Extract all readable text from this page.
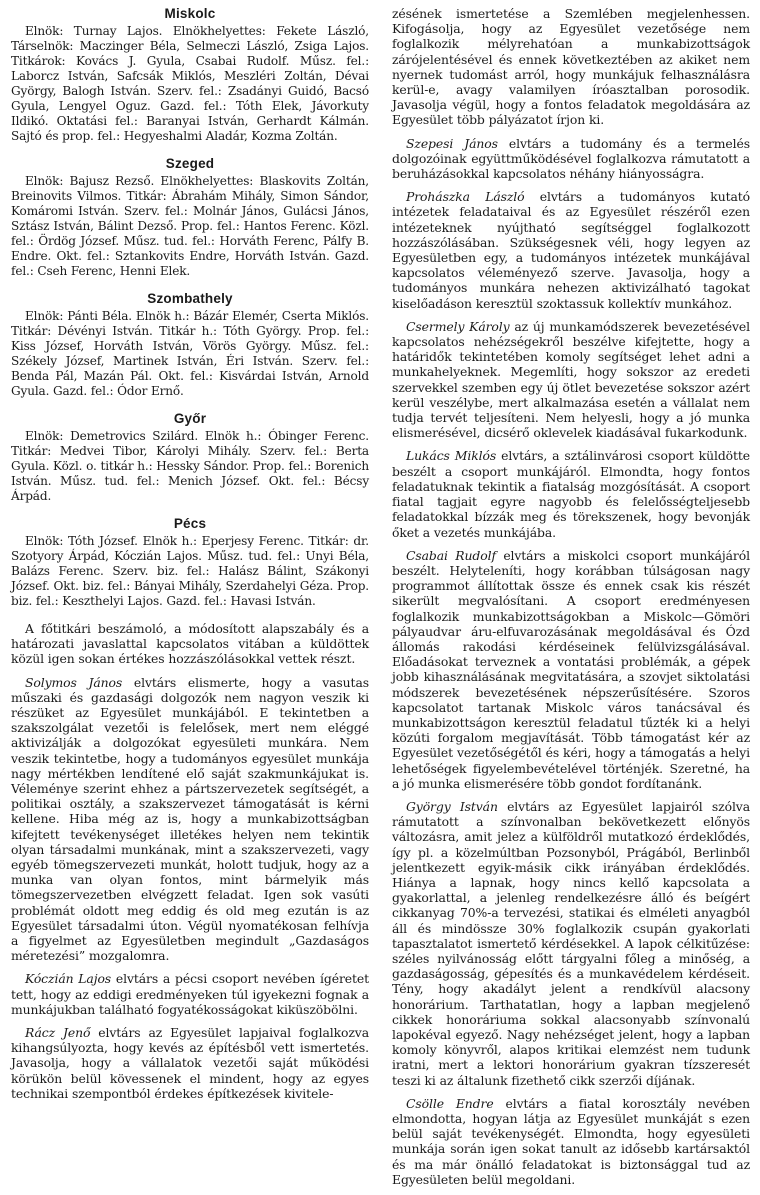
Miskolc

Elnök: Turnay Lajos. Elnökhelyettes: Fekete László, Társelnök: Maczinger Béla, Selmeczi László, Zsiga Lajos. Titkárok: Kovács J. Gyula, Csabai Rudolf. Műsz. fel.: Laborcz István, Safcsák Miklós, Meszléri Zoltán, Dévai György, Balogh István. Szerv. fel.: Zsadányi Guidó, Bacsó Gyula, Lengyel Oguz. Gazd. fel.: Tóth Elek, Jávorkuty Ildikó. Oktatási fel.: Baranyai István, Gerhardt Kálmán. Sajtó és prop. fel.: Hegyeshalmi Aladár, Kozma Zoltán.

Szeged

Elnök: Bajusz Rezső. Elnökhelyettes: Blaskovits Zoltán, Breinovits Vilmos. Titkár: Ábrahám Mihály, Simon Sándor, Komáromi István. Szerv. fel.: Molnár János, Gulácsi János, Sztász István, Bálint Dezső. Prop. fel.: Hantos Ferenc. Közl. fel.: Ördög József. Műsz. tud. fel.: Horváth Ferenc, Pálfy B. Endre. Okt. fel.: Sztankovits Endre, Horváth István. Gazd. fel.: Cseh Ferenc, Henni Elek.

Szombathely

Elnök: Pánti Béla. Elnök h.: Bázár Elemér, Cserta Miklós. Titkár: Dévényi István. Titkár h.: Tóth György. Prop. fel.: Kiss József, Horváth István, Vörös György. Műsz. fel.: Székely József, Martinek István, Éri István. Szerv. fel.: Benda Pál, Mazán Pál. Okt. fel.: Kisvárdai István, Arnold Gyula. Gazd. fel.: Ódor Ernő.

Győr

Elnök: Demetrovics Szilárd. Elnök h.: Óbinger Ferenc. Titkár: Medvei Tibor, Károlyi Mihály. Szerv. fel.: Berta Gyula. Közl. o. titkár h.: Hessky Sándor. Prop. fel.: Borenich István. Műsz. tud. fel.: Menich József. Okt. fel.: Bécsy Árpád.

Pécs

Elnök: Tóth József. Elnök h.: Eperjesy Ferenc. Titkár: dr. Szotyory Árpád, Kóczián Lajos. Műsz. tud. fel.: Unyi Béla, Balázs Ferenc. Szerv. biz. fel.: Halász Bálint, Szákonyi József. Okt. biz. fel.: Bányai Mihály, Szerdahelyi Géza. Prop. biz. fel.: Keszthelyi Lajos. Gazd. fel.: Havasi István.

A főtitkári beszámoló, a módosított alapszabály és a határozati javaslattal kapcsolatos vitában a küldöttek közül igen sokan értékes hozzászólásokkal vettek részt.

Solymos János elvtárs elismerte, hogy a vasutas műszaki és gazdasági dolgozók nem nagyon veszik ki részüket az Egyesület munkájából. E tekintetben a szakszolgálat vezetői is felelősek, mert nem eléggé aktivizálják a dolgozókat egyesületi munkára. Nem veszik tekintetbe, hogy a tudományos egyesület munkája nagy mértékben lendítené elő saját szakmunkájukat is. Véleménye szerint ehhez a pártszervezetek segítségét, a politikai osztály, a szakszervezet támogatását is kérni kellene. Hiba még az is, hogy a munkabizottságban kifejtett tevékenységet illetékes helyen nem tekintik olyan társadalmi munkának, mint a szakszervezeti, vagy egyéb tömegszervezeti munkát, holott tudjuk, hogy az a munka van olyan fontos, mint bármelyik más tömegszervezetben elvégzett feladat. Igen sok vasúti problémát oldott meg eddig és old meg ezután is az Egyesület társadalmi úton. Végül nyomatékosan felhívja a figyelmet az Egyesületben megindult „Gazdaságos méretezési” mozgalomra.

Kóczián Lajos elvtárs a pécsi csoport nevében ígéretet tett, hogy az eddigi eredményeken túl igyekezni fognak a munkájukban található fogyatékosságokat kiküszöbölni.

Rácz Jenő elvtárs az Egyesület lapjaival foglalkozva kihangsúlyozta, hogy kevés az építésből vett ismertetés. Javasolja, hogy a vállalatok vezetői saját működési körükön belül kövessenek el mindent, hogy az egyes technikai szempontból érdekes építkezések kivitele-

zésének ismertetése a Szemlében megjelenhessen. Kifogásolja, hogy az Egyesület vezetősége nem foglalkozik mélyrehatóan a munkabizottságok zárójelentésével és ennek következtében az akiket nem nyernek tudomást arról, hogy munkájuk felhasználásra kerül-e, avagy valamilyen íróasztalban porosodik. Javasolja végül, hogy a fontos feladatok megoldására az Egyesület több pályázatot írjon ki.

Szepesi János elvtárs a tudomány és a termelés dolgozóinak együttműködésével foglalkozva rámutatott a beruházásokkal kapcsolatos néhány hiányosságra.

Prohászka László elvtárs a tudományos kutató intézetek feladataival és az Egyesület részéről ezen intézeteknek nyújtható segítséggel foglalkozott hozzászólásában. Szükségesnek véli, hogy legyen az Egyesületben egy, a tudományos intézetek munkájával kapcsolatos véleményező szerve. Javasolja, hogy a tudományos munkára nehezen aktivizálható tagokat kiselőadáson keresztül szoktassuk kollektív munkához.

Csermely Károly az új munkamódszerek bevezetésével kapcsolatos nehézségekről beszélve kifejtette, hogy a határidők tekintetében komoly segítséget lehet adni a munkahelyeknek. Megemlíti, hogy sokszor az eredeti szervekkel szemben egy új ötlet bevezetése sokszor azért kerül veszélybe, mert alkalmazása esetén a vállalat nem tudja tervét teljesíteni. Nem helyesli, hogy a jó munka elismerésével, dicsérő oklevelek kiadásával fukarkodunk.

Lukács Miklós elvtárs, a sztálinvárosi csoport küldötte beszélt a csoport munkájáról. Elmondta, hogy fontos feladatuknak tekintik a fiatalság mozgósítását. A csoport fiatal tagjait egyre nagyobb és felelősségteljesebb feladatokkal bízzák meg és törekszenek, hogy bevonják őket a vezetés munkájába.

Csabai Rudolf elvtárs a miskolci csoport munkájáról beszélt. Helyteleníti, hogy korábban túlságosan nagy programmot állítottak össze és ennek csak kis részét sikerült megvalósítani. A csoport eredményesen foglalkozik munkabizottságokban a Miskolc—Gömöri pályaudvar áru-elfuvarozásának megoldásával és Ózd állomás rakodási kérdéseinek felülvizsgálásával. Előadásokat terveznek a vontatási problémák, a gépek jobb kihasználásának megvitatására, a szovjet siktolatási módszerek bevezetésének népszerűsítésére. Szoros kapcsolatot tartanak Miskolc város tanácsával és munkabizottságon keresztül feladatul tűzték ki a helyi közúti forgalom megjavítását. Több támogatást kér az Egyesület vezetőségétől és kéri, hogy a támogatás a helyi lehetőségek figyelembevételével történjék. Szeretné, ha a jó munka elismerésére több gondot fordítanánk.

György István elvtárs az Egyesület lapjairól szólva rámutatott a színvonalban bekövetkezett előnyös változásra, amit jelez a külföldről mutatkozó érdeklődés, így pl. a közelmúltban Pozsonyból, Prágából, Berlinből jelentkezett egyik-másik cikk irányában érdeklődés. Hiánya a lapnak, hogy nincs kellő kapcsolata a gyakorlattal, a jelenleg rendelkezésre álló és beígért cikkanyag 70%-a tervezési, statikai és elméleti anyagból áll és mindössze 30% foglalkozik csupán gyakorlati tapasztalatot ismertető kérdésekkel. A lapok célkitűzése: széles nyilvánosság előtt tárgyalni főleg a minőség, a gazdaságosság, gépesítés és a munkavédelem kérdéseit. Tény, hogy akadályt jelent a rendkívül alacsony honorárium. Tarthatatlan, hogy a lapban megjelenő cikkek honoráriuma sokkal alacsonyabb színvonalú lapokéval egyező. Nagy nehézséget jelent, hogy a lapban komoly könyvről, alapos kritikai elemzést nem tudunk iratni, mert a lektori honorárium gyakran tízszeresét teszi ki az általunk fizethető cikk szerzői díjának.

Csölle Endre elvtárs a fiatal korosztály nevében elmondotta, hogyan látja az Egyesület munkáját s ezen belül saját tevékenységét. Elmondta, hogy egyesületi munkája során igen sokat tanult az idősebb kartársaktól és ma már önálló feladatokat is biztonsággal tud az Egyesületen belül megoldani.
